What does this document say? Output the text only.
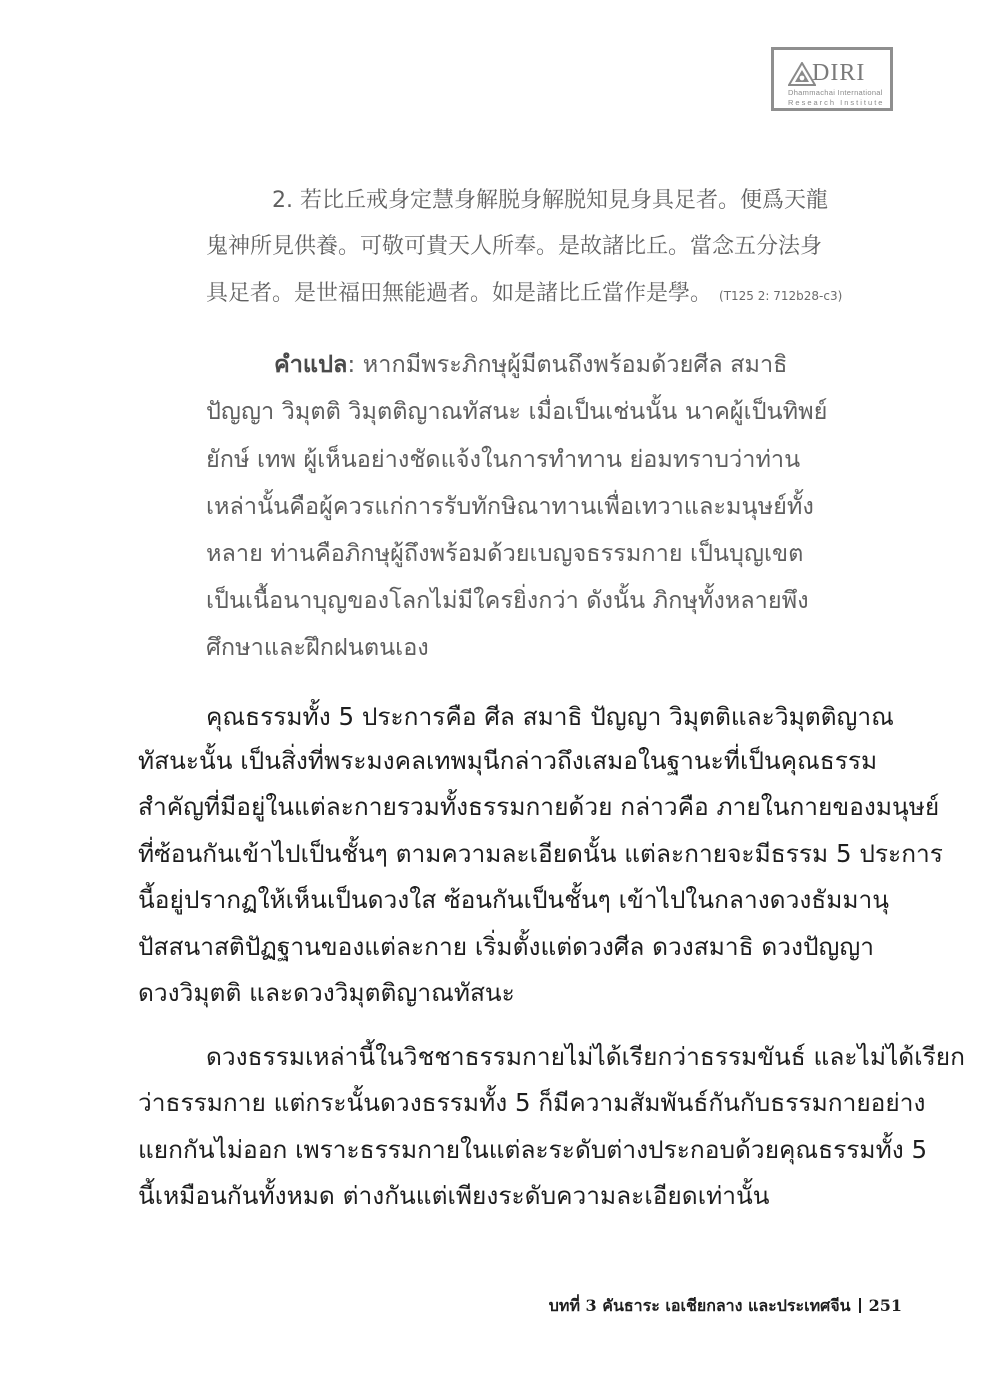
DIRI
Dhammachai International
Research Institute
2. 若比丘戒身定慧身解脱身解脱知見身具足者。便爲天龍
鬼神所見供養。可敬可貴天人所奉。是故諸比丘。當念五分法身
具足者。是世福田無能過者。如是諸比丘當作是學。 (T125 2: 712b28-c3)
คำแปล: หากมีพระภิกษุผู้มีตนถึงพร้อมด้วยศีล สมาธิ
ปัญญา วิมุตติ วิมุตติญาณทัสนะ เมื่อเป็นเช่นนั้น นาคผู้เป็นทิพย์
ยักษ์ เทพ ผู้เห็นอย่างชัดแจ้งในการทำทาน ย่อมทราบว่าท่าน
เหล่านั้นคือผู้ควรแก่การรับทักษิณาทานเพื่อเทวาและมนุษย์ทั้ง
หลาย ท่านคือภิกษุผู้ถึงพร้อมด้วยเบญจธรรมกาย เป็นบุญเขต
เป็นเนื้อนาบุญของโลกไม่มีใครยิ่งกว่า ดังนั้น ภิกษุทั้งหลายพึง
ศึกษาและฝึกฝนตนเอง
คุณธรรมทั้ง 5 ประการคือ ศีล สมาธิ ปัญญา วิมุตติและวิมุตติญาณ
ทัสนะนั้น เป็นสิ่งที่พระมงคลเทพมุนีกล่าวถึงเสมอในฐานะที่เป็นคุณธรรม
สำคัญที่มีอยู่ในแต่ละกายรวมทั้งธรรมกายด้วย กล่าวคือ ภายในกายของมนุษย์
ที่ซ้อนกันเข้าไปเป็นชั้นๆ ตามความละเอียดนั้น แต่ละกายจะมีธรรม 5 ประการ
นี้อยู่ปรากฏให้เห็นเป็นดวงใส ซ้อนกันเป็นชั้นๆ เข้าไปในกลางดวงธัมมานุ
ปัสสนาสติปัฏฐานของแต่ละกาย เริ่มตั้งแต่ดวงศีล ดวงสมาธิ ดวงปัญญา
ดวงวิมุตติ และดวงวิมุตติญาณทัสนะ
ดวงธรรมเหล่านี้ในวิชชาธรรมกายไม่ได้เรียกว่าธรรมขันธ์ และไม่ได้เรียก
ว่าธรรมกาย แต่กระนั้นดวงธรรมทั้ง 5 ก็มีความสัมพันธ์กันกับธรรมกายอย่าง
แยกกันไม่ออก เพราะธรรมกายในแต่ละระดับต่างประกอบด้วยคุณธรรมทั้ง 5
นี้เหมือนกันทั้งหมด ต่างกันแต่เพียงระดับความละเอียดเท่านั้น
บทที่ 3 คันธาระ เอเชียกลาง และประเทศจีน 251
